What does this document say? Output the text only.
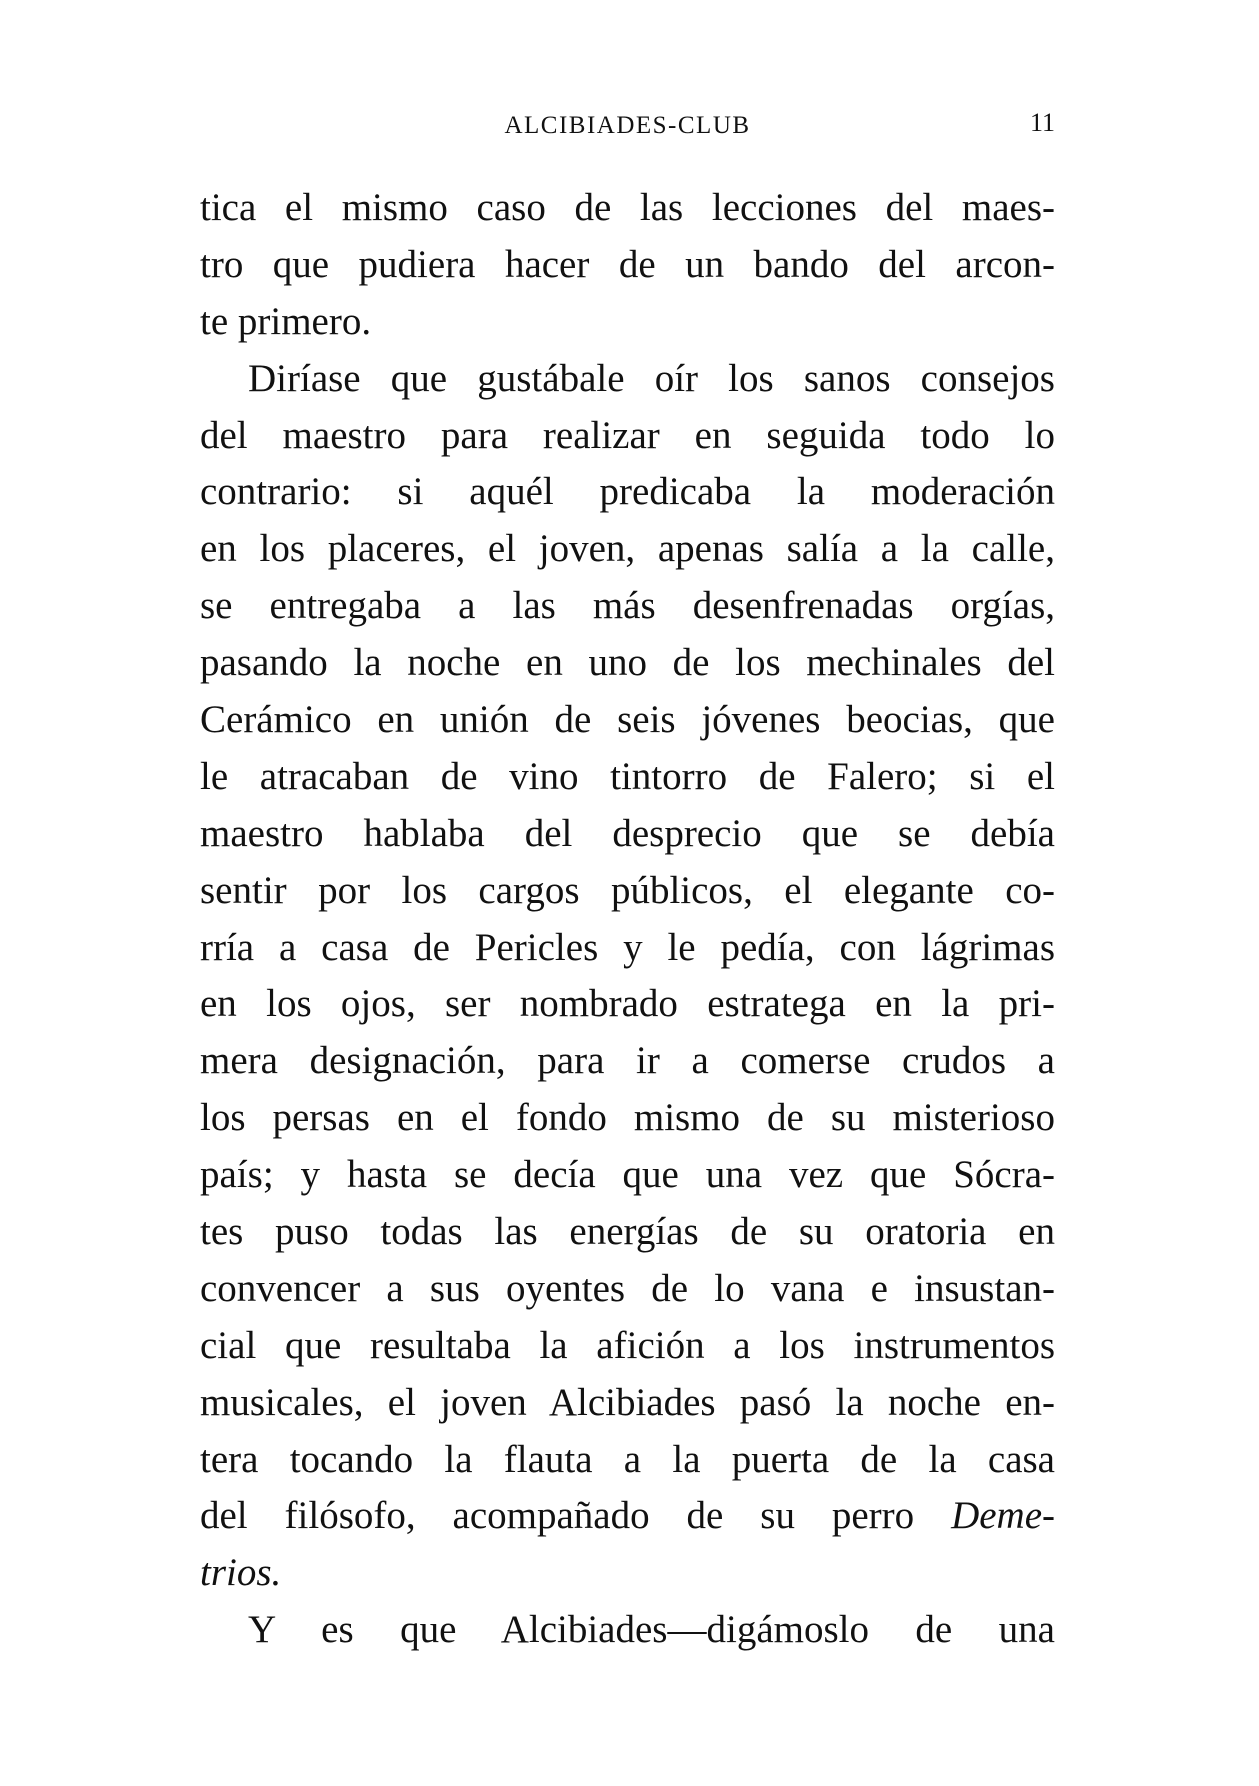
ALCIBIADES-CLUB	11
tica el mismo caso de las lecciones del maes-
tro que pudiera hacer de un bando del arcon-
te primero.
Diríase que gustábale oír los sanos consejos
del maestro para realizar en seguida todo lo
contrario: si aquél predicaba la moderación
en los placeres, el joven, apenas salía a la calle,
se entregaba a las más desenfrenadas orgías,
pasando la noche en uno de los mechinales del
Cerámico en unión de seis jóvenes beocias, que
le atracaban de vino tintorro de Falero; si el
maestro hablaba del desprecio que se debía
sentir por los cargos públicos, el elegante co-
rría a casa de Pericles y le pedía, con lágrimas
en los ojos, ser nombrado estratega en la pri-
mera designación, para ir a comerse crudos a
los persas en el fondo mismo de su misterioso
país; y hasta se decía que una vez que Sócra-
tes puso todas las energías de su oratoria en
convencer a sus oyentes de lo vana e insustan-
cial que resultaba la afición a los instrumentos
musicales, el joven Alcibiades pasó la noche en-
tera tocando la flauta a la puerta de la casa
del filósofo, acompañado de su perro Deme-
trios.
Y es que Alcibiades—digámoslo de una
